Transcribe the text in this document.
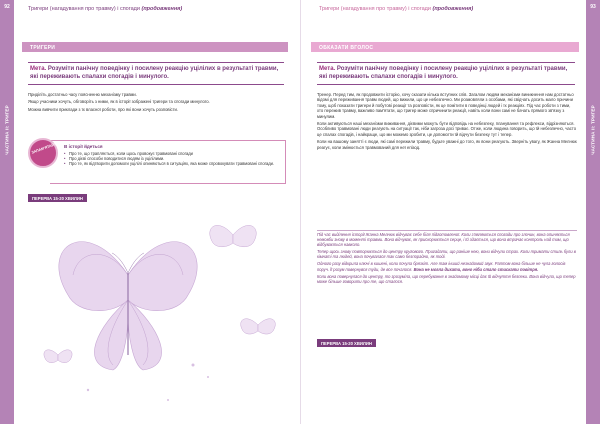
92
ЧАСТИНА II: ТРИГЕР
Тригери (нагадування про травму) і спогади (продовження)
ТРИГЕРИ

Мета. Розуміти панічну поведінку і посилену реакцію уцілілих в результаті травми, які переживають спалахи спогадів і минулого.

Приділіть достатньо часу поясненню механізму травми.

Якщо учасники хочуть, обговоріть з ними, як в історії зображені тригери та спогади минулого.

Можна вивчити приклади з їх власної роботи, про які вони хочуть розповісти.

В історії йдеться
• Про те, що трапляється, коли щось провокує травмовані спогади
• Про дієві способи поводитися людям із уцілілими.
• Про те, як відтворити допомоги уцілілі опиняються в ситуаціях, яка може спровокувати травмовані спогади.
ЗАПАМ'ЯТАЙТЕ
ПЕРЕРВА 15-20 ХВИЛИН
93
ЧАСТИНА II: ТРИГЕР
Тригери (нагадування про травму) і спогади (продовження)
ОБКАЗАТИ ВГОЛОС

Мета. Розуміти панічну поведінку і посилену реакцію уцілілих в результаті травми, які переживають спалахи спогадів і минулого.

Тренер. Перед тим, як продовжити історію, хочу сказати кілька вступних слів. Загалом людям механізми виникнення нам достатньо відомі для переживання травм людей, що вижили, що це небезпечно. Ми розмовляли з особами, які свідчать досить мало причини тому, щоб показати тригери й побутові реакції та розповісти, як це помітити в поведінці людей і їх реакціях. Під час роботи з тими, хто пережив травму, важливо пам'ятати, що тригер може спричинити реакції, навіть коли вони самі не бачать прямого зв'язку з минулим.

Коли активуються наші механізми виживання, дієвими можуть бути відповідь на небезпеку, планування та рефлекси, відрізняються. Особливо травмовані люди реагують на ситуації так, ніби загроза досі триває. Отже, коли людина говорить, що їй небезпечно, часто це спалах спогадів, і найкраще, що ми можемо зробити, це допомогти їй відчути безпеку тут і тепер.

Коли на вашому занятті є люди, які самі пережили травму, будьте уважні до того, як вони реагують. Зверніть увагу, як Жанна Мелнюк реагує, коли змінюється травмований для неї епізод.

Під час виділення історії Жанна Мелнюк відчуває себе біля підготовленої. Коли з'являються спогади про злочин, вона опиняється немовби знову в моменті травми. Вона відчуває, як прискорюється серце, і їй здається, що вона втрачає контроль над тим, що відбувається навколо.

Тепер щось знову повторюється до центру кругового. Пригадати, що раніше нею, вони відчули страх. Коли тримати стиль були в кімнаті та людей, вона почувалася так само безпорадно, як тоді.

Одного разу відкрила ключі в кишені, коли почула брязкіт. Але там інший незнайомий звук. Раптом вона більше не чула голосів поруч. Її розум повернувся туди, де все почалося. Вона не могла дихати, воно ніби стало стискати повітря.

Коли вона повернулася до центру, то зрозуміла, що перебування в знайомому місці дає їй відчуття безпеки. Вона відчула, що тепер може більше говорити про те, що сталося.

ПЕРЕРВА 15-20 ХВИЛИН
